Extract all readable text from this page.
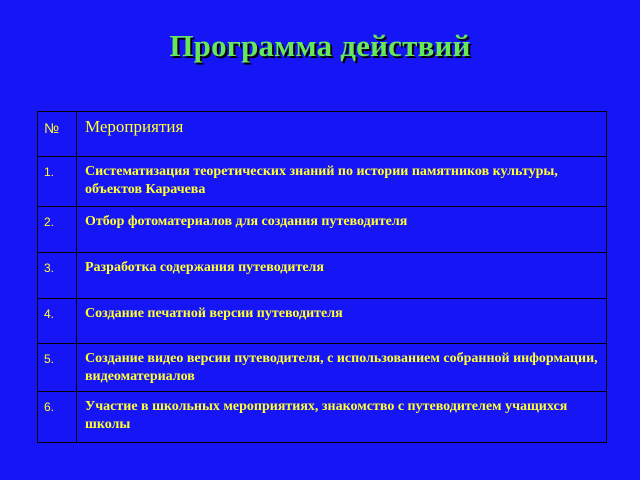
Программа действий
№	Мероприятия
1.	Систематизация теоретических знаний по истории памятников культуры, объектов Карачева
2.	Отбор фотоматериалов для создания путеводителя
3.	Разработка содержания путеводителя
4.	Создание печатной версии путеводителя
5.	Создание видео версии путеводителя, с использованием собранной информации, видеоматериалов
6.	Участие в школьных мероприятиях, знакомство с путеводителем учащихся школы
